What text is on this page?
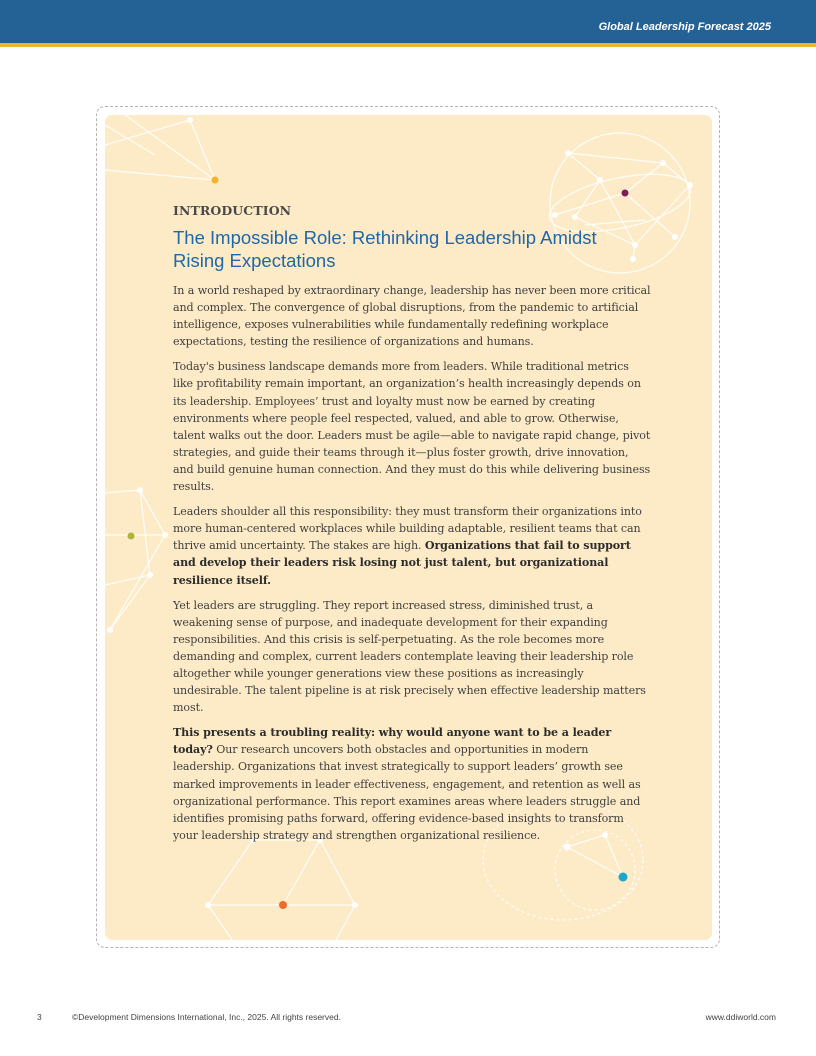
Global Leadership Forecast 2025
INTRODUCTION
The Impossible Role: Rethinking Leadership Amidst
Rising Expectations

In a world reshaped by extraordinary change, leadership has never been more critical and complex. The convergence of global disruptions, from the pandemic to artificial intelligence, exposes vulnerabilities while fundamentally redefining workplace expectations, testing the resilience of organizations and humans.

Today's business landscape demands more from leaders. While traditional metrics like profitability remain important, an organization’s health increasingly depends on its leadership. Employees’ trust and loyalty must now be earned by creating environments where people feel respected, valued, and able to grow. Otherwise, talent walks out the door. Leaders must be agile—able to navigate rapid change, pivot strategies, and guide their teams through it—plus foster growth, drive innovation, and build genuine human connection. And they must do this while delivering business results.

Leaders shoulder all this responsibility: they must transform their organizations into more human-centered workplaces while building adaptable, resilient teams that can thrive amid uncertainty. The stakes are high. Organizations that fail to support and develop their leaders risk losing not just talent, but organizational resilience itself.

Yet leaders are struggling. They report increased stress, diminished trust, a weakening sense of purpose, and inadequate development for their expanding responsibilities. And this crisis is self-perpetuating. As the role becomes more demanding and complex, current leaders contemplate leaving their leadership role altogether while younger generations view these positions as increasingly undesirable. The talent pipeline is at risk precisely when effective leadership matters most.

This presents a troubling reality: why would anyone want to be a leader today? Our research uncovers both obstacles and opportunities in modern leadership. Organizations that invest strategically to support leaders’ growth see marked improvements in leader effectiveness, engagement, and retention as well as organizational performance. This report examines areas where leaders struggle and identifies promising paths forward, offering evidence-based insights to transform your leadership strategy and strengthen organizational resilience.

3	©Development Dimensions International, Inc., 2025. All rights reserved.	www.ddiworld.com
